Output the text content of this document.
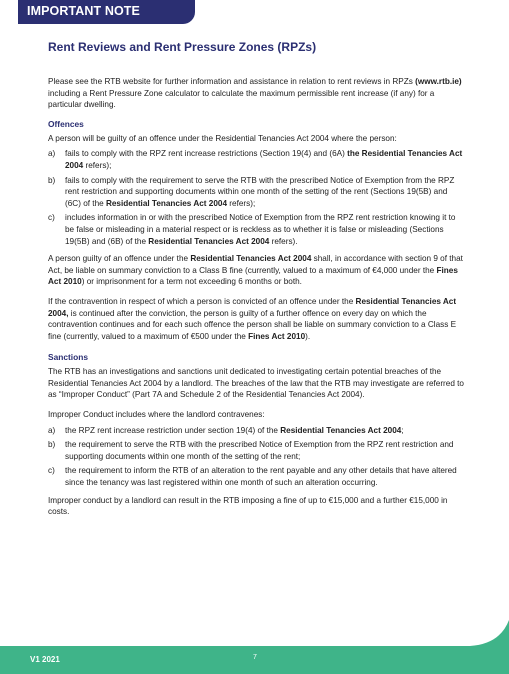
IMPORTANT NOTE
Rent Reviews and Rent Pressure Zones (RPZs)

Please see the RTB website for further information and assistance in relation to rent reviews in RPZs (www.rtb.ie) including a Rent Pressure Zone calculator to calculate the maximum permissible rent increase (if any) for a particular dwelling.

Offences

A person will be guilty of an offence under the Residential Tenancies Act 2004 where the person:

a) fails to comply with the RPZ rent increase restrictions (Section 19(4) and (6A) the Residential Tenancies Act 2004 refers);
b) fails to comply with the requirement to serve the RTB with the prescribed Notice of Exemption from the RPZ rent restriction and supporting documents within one month of the setting of the rent (Sections 19(5B) and (6C) of the Residential Tenancies Act 2004 refers);
c) includes information in or with the prescribed Notice of Exemption from the RPZ rent restriction knowing it to be false or misleading in a material respect or is reckless as to whether it is false or misleading (Sections 19(5B) and (6B) of the Residential Tenancies Act 2004 refers).

A person guilty of an offence under the Residential Tenancies Act 2004 shall, in accordance with section 9 of that Act, be liable on summary conviction to a Class B fine (currently, valued to a maximum of €4,000 under the Fines Act 2010) or imprisonment for a term not exceeding 6 months or both.

If the contravention in respect of which a person is convicted of an offence under the Residential Tenancies Act 2004, is continued after the conviction, the person is guilty of a further offence on every day on which the contravention continues and for each such offence the person shall be liable on summary conviction to a Class E fine (currently, valued to a maximum of €500 under the Fines Act 2010).

Sanctions

The RTB has an investigations and sanctions unit dedicated to investigating certain potential breaches of the Residential Tenancies Act 2004 by a landlord. The breaches of the law that the RTB may investigate are referred to as “Improper Conduct” (Part 7A and Schedule 2 of the Residential Tenancies Act 2004).

Improper Conduct includes where the landlord contravenes:

a) the RPZ rent increase restriction under section 19(4) of the Residential Tenancies Act 2004;
b) the requirement to serve the RTB with the prescribed Notice of Exemption from the RPZ rent restriction and supporting documents within one month of the setting of the rent;
c) the requirement to inform the RTB of an alteration to the rent payable and any other details that have altered since the tenancy was last registered within one month of such an alteration occurring.

Improper conduct by a landlord can result in the RTB imposing a fine of up to €15,000 and a further €15,000 in costs.

V1 2021	7
